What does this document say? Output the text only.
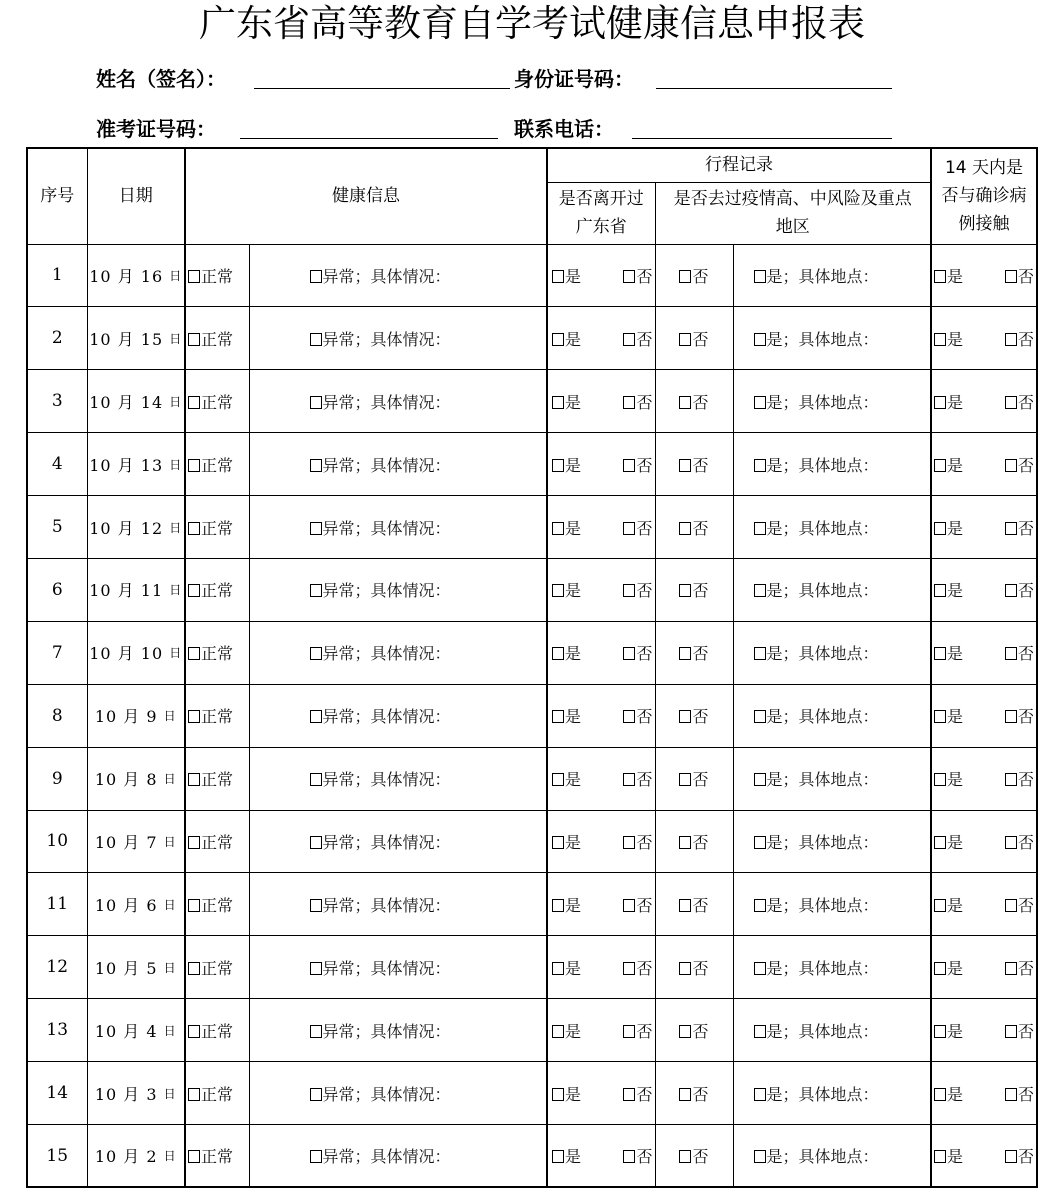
广东省高等教育自学考试健康信息申报表
姓名（签名）：	身份证号码：
准考证号码：	联系电话：
序号	日期	健康信息		行程记录			14 天内是否与确诊病例接触
				是否离开过广东省	是否去过疫情高、中风险及重点地区		
1	10 月 16 日	正常	异常；具体情况：	是 否	否	是；具体地点：	是 否

2	10 月 15 日	正常	异常；具体情况：	是 否	否	是；具体地点：	是 否

3	10 月 14 日	正常	异常；具体情况：	是 否	否	是；具体地点：	是 否

4	10 月 13 日	正常	异常；具体情况：	是 否	否	是；具体地点：	是 否

5	10 月 12 日	正常	异常；具体情况：	是 否	否	是；具体地点：	是 否

6	10 月 11 日	正常	异常；具体情况：	是 否	否	是；具体地点：	是 否

7	10 月 10 日	正常	异常；具体情况：	是 否	否	是；具体地点：	是 否

8	10 月 9 日	正常	异常；具体情况：	是 否	否	是；具体地点：	是 否

9	10 月 8 日	正常	异常；具体情况：	是 否	否	是；具体地点：	是 否

10	10 月 7 日	正常	异常；具体情况：	是 否	否	是；具体地点：	是 否

11	10 月 6 日	正常	异常；具体情况：	是 否	否	是；具体地点：	是 否

12	10 月 5 日	正常	异常；具体情况：	是 否	否	是；具体地点：	是 否

13	10 月 4 日	正常	异常；具体情况：	是 否	否	是；具体地点：	是 否

14	10 月 3 日	正常	异常；具体情况：	是 否	否	是；具体地点：	是 否

15	10 月 2 日	正常	异常；具体情况：	是 否	否	是；具体地点：	是 否
